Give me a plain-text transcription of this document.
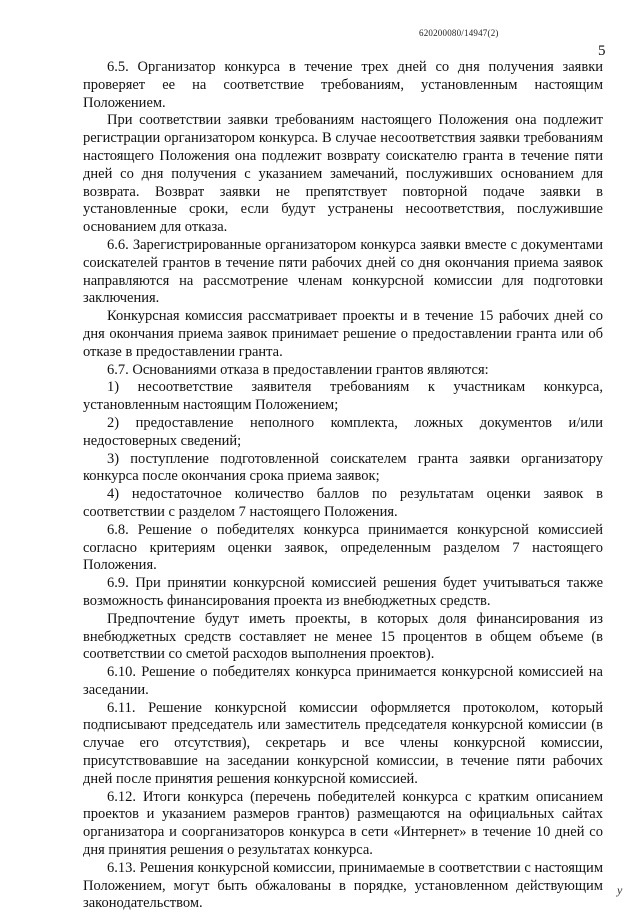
620200080/14947(2)
5

6.5. Организатор конкурса в течение трех дней со дня получения заявки проверяет ее на соответствие требованиям, установленным настоящим Положением.

При соответствии заявки требованиям настоящего Положения она подлежит регистрации организатором конкурса. В случае несоответствия заявки требованиям настоящего Положения она подлежит возврату соискателю гранта в течение пяти дней со дня получения с указанием замечаний, послуживших основанием для возврата. Возврат заявки не препятствует повторной подаче заявки в установленные сроки, если будут устранены несоответствия, послужившие основанием для отказа.

6.6. Зарегистрированные организатором конкурса заявки вместе с документами соискателей грантов в течение пяти рабочих дней со дня окончания приема заявок направляются на рассмотрение членам конкурсной комиссии для подготовки заключения.

Конкурсная комиссия рассматривает проекты и в течение 15 рабочих дней со дня окончания приема заявок принимает решение о предоставлении гранта или об отказе в предоставлении гранта.

6.7. Основаниями отказа в предоставлении грантов являются:

1) несоответствие заявителя требованиям к участникам конкурса, установленным настоящим Положением;

2) предоставление неполного комплекта, ложных документов и/или недостоверных сведений;

3) поступление подготовленной соискателем гранта заявки организатору конкурса после окончания срока приема заявок;

4) недостаточное количество баллов по результатам оценки заявок в соответствии с разделом 7 настоящего Положения.

6.8. Решение о победителях конкурса принимается конкурсной комиссией согласно критериям оценки заявок, определенным разделом 7 настоящего Положения.

6.9. При принятии конкурсной комиссией решения будет учитываться также возможность финансирования проекта из внебюджетных средств.

Предпочтение будут иметь проекты, в которых доля финансирования из внебюджетных средств составляет не менее 15 процентов в общем объеме (в соответствии со сметой расходов выполнения проектов).

6.10. Решение о победителях конкурса принимается конкурсной комиссией на заседании.

6.11. Решение конкурсной комиссии оформляется протоколом, который подписывают председатель или заместитель председателя конкурсной комиссии (в случае его отсутствия), секретарь и все члены конкурсной комиссии, присутствовавшие на заседании конкурсной комиссии, в течение пяти рабочих дней после принятия решения конкурсной комиссией.

6.12. Итоги конкурса (перечень победителей конкурса с кратким описанием проектов и указанием размеров грантов) размещаются на официальных сайтах организатора и соорганизаторов конкурса в сети «Интернет» в течение 10 дней со дня принятия решения о результатах конкурса.

6.13. Решения конкурсной комиссии, принимаемые в соответствии с настоящим Положением, могут быть обжалованы в порядке, установленном действующим законодательством.

у
